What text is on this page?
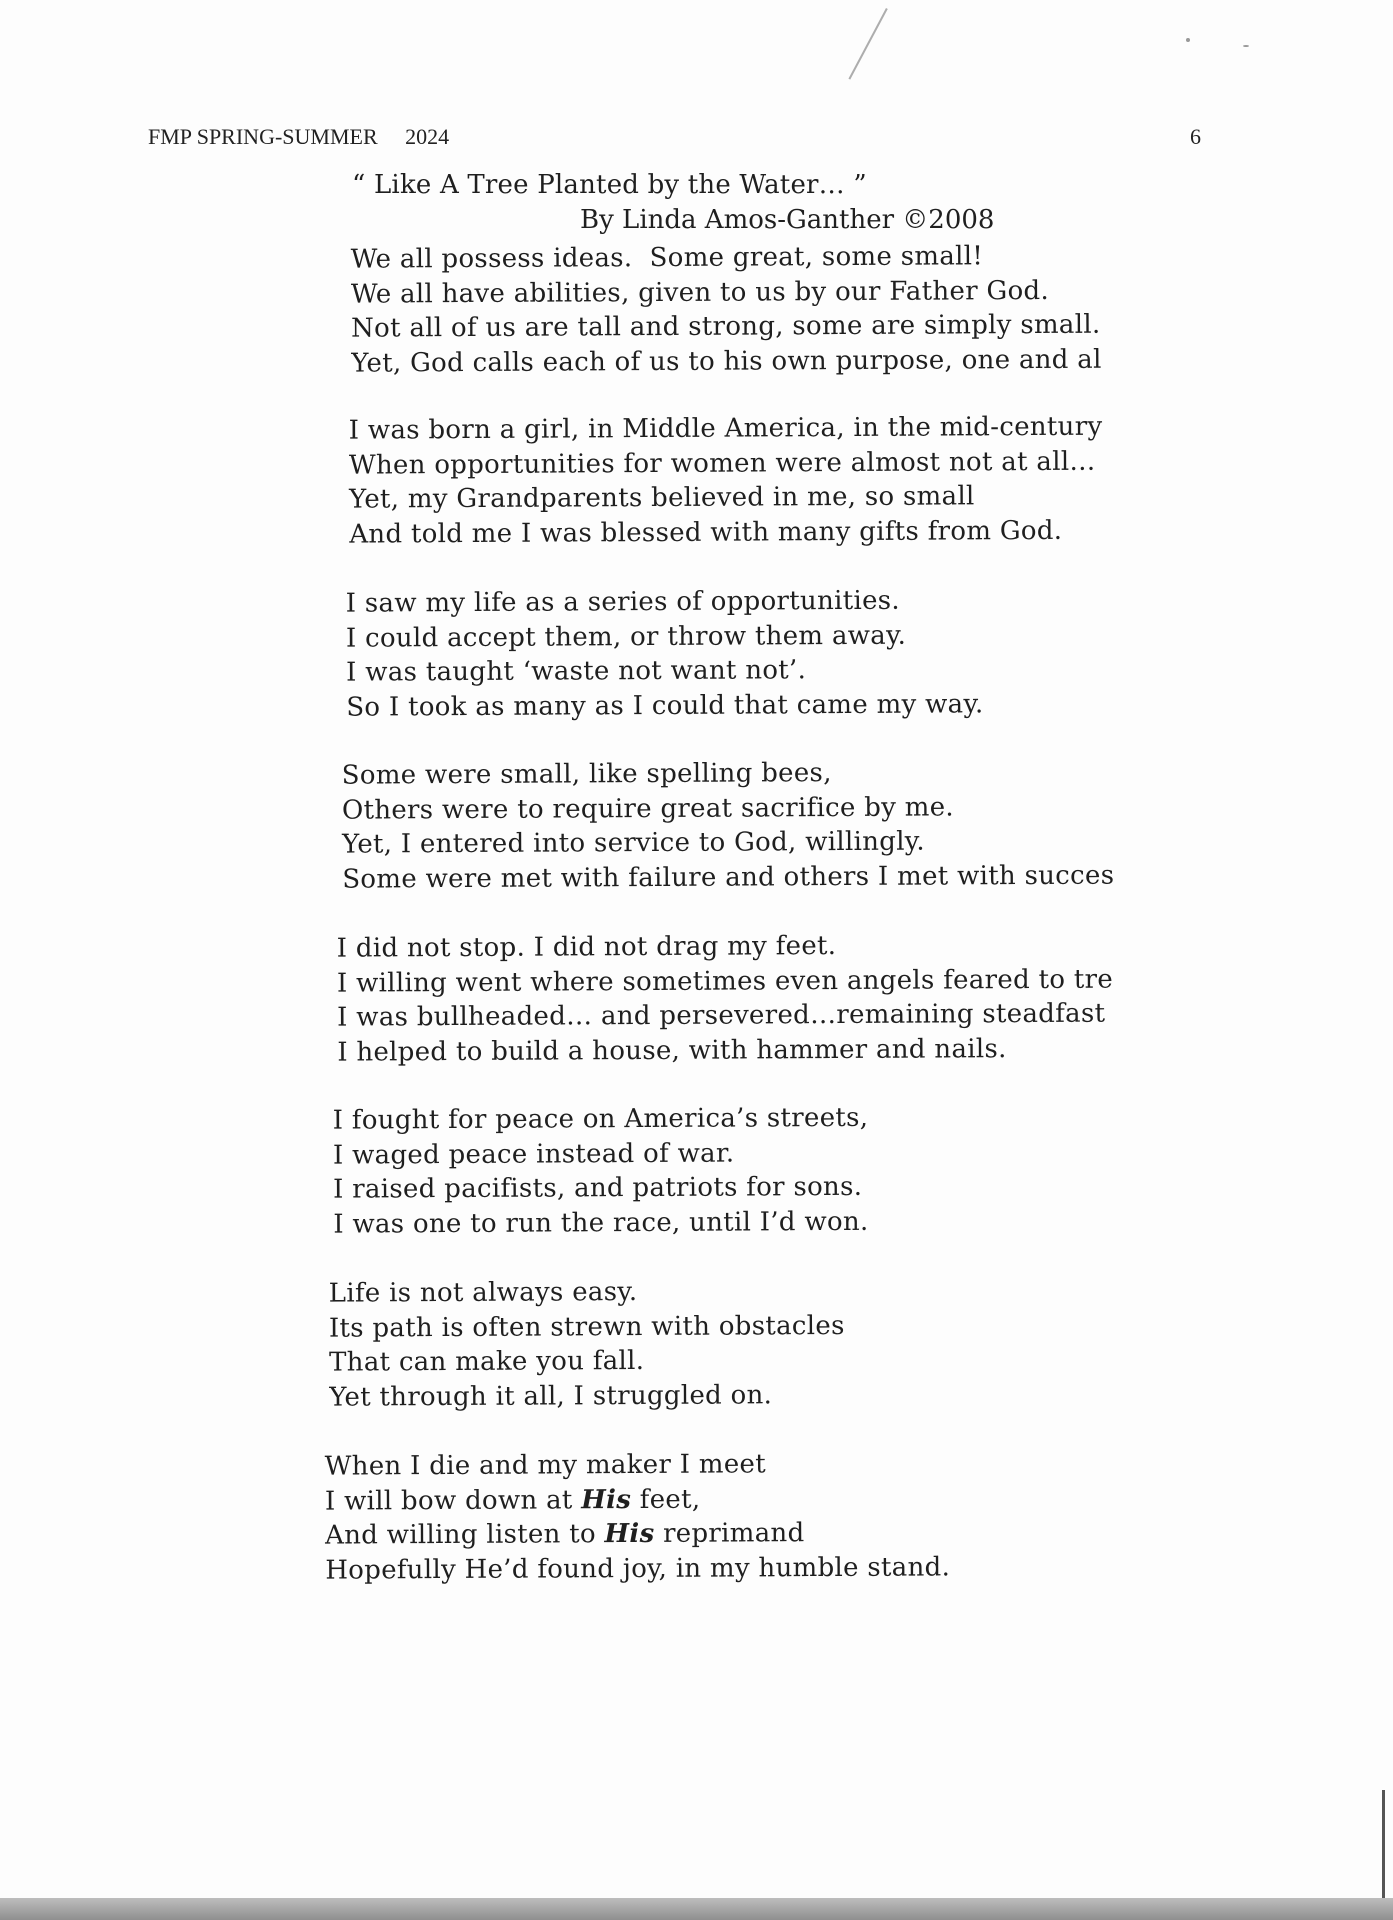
FMP SPRING-SUMMER     2024	6
“ Like A Tree Planted by the Water… ”
By Linda Amos-Ganther ©2008
We all possess ideas.  Some great, some small!
We all have abilities, given to us by our Father God.
Not all of us are tall and strong, some are simply small.
Yet, God calls each of us to his own purpose, one and al
I was born a girl, in Middle America, in the mid-century
When opportunities for women were almost not at all…
Yet, my Grandparents believed in me, so small
And told me I was blessed with many gifts from God.
I saw my life as a series of opportunities.
I could accept them, or throw them away.
I was taught ‘waste not want not’.
So I took as many as I could that came my way.
Some were small, like spelling bees,
Others were to require great sacrifice by me.
Yet, I entered into service to God, willingly.
Some were met with failure and others I met with succes
I did not stop. I did not drag my feet.
I willing went where sometimes even angels feared to tre
I was bullheaded… and persevered…remaining steadfast
I helped to build a house, with hammer and nails.
I fought for peace on America’s streets,
I waged peace instead of war.
I raised pacifists, and patriots for sons.
I was one to run the race, until I’d won.
Life is not always easy.
Its path is often strewn with obstacles
That can make you fall.
Yet through it all, I struggled on.
When I die and my maker I meet
I will bow down at His feet,
And willing listen to His reprimand
Hopefully He’d found joy, in my humble stand.
